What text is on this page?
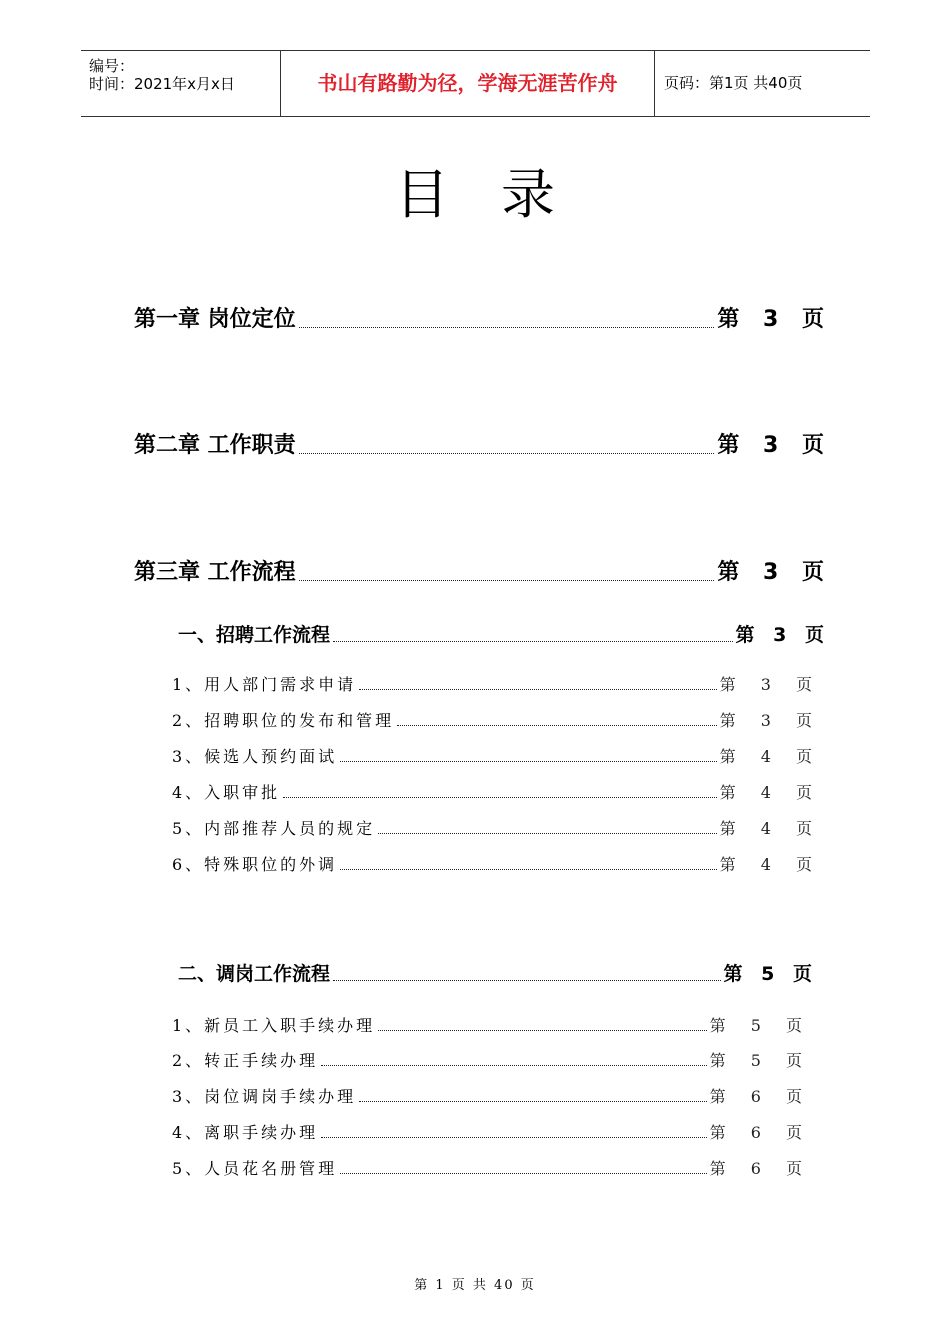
编号：
时间：2021年x月x日	书山有路勤为径，学海无涯苦作舟	页码：第1页 共40页
目录
第一章 岗位定位	第 3 页
第二章 工作职责	第 3 页
第三章 工作流程	第 3 页
一、招聘工作流程	第 3 页
1、用人部门需求申请	第 3 页
2、招聘职位的发布和管理	第 3 页
3、候选人预约面试	第 4 页
4、入职审批	第 4 页
5、内部推荐人员的规定	第 4 页
6、特殊职位的外调	第 4 页
二、调岗工作流程	第 5 页
1、新员工入职手续办理	第 5 页
2、转正手续办理	第 5 页
3、岗位调岗手续办理	第 6 页
4、离职手续办理	第 6 页
5、人员花名册管理	第 6 页
第 1 页 共 40 页
